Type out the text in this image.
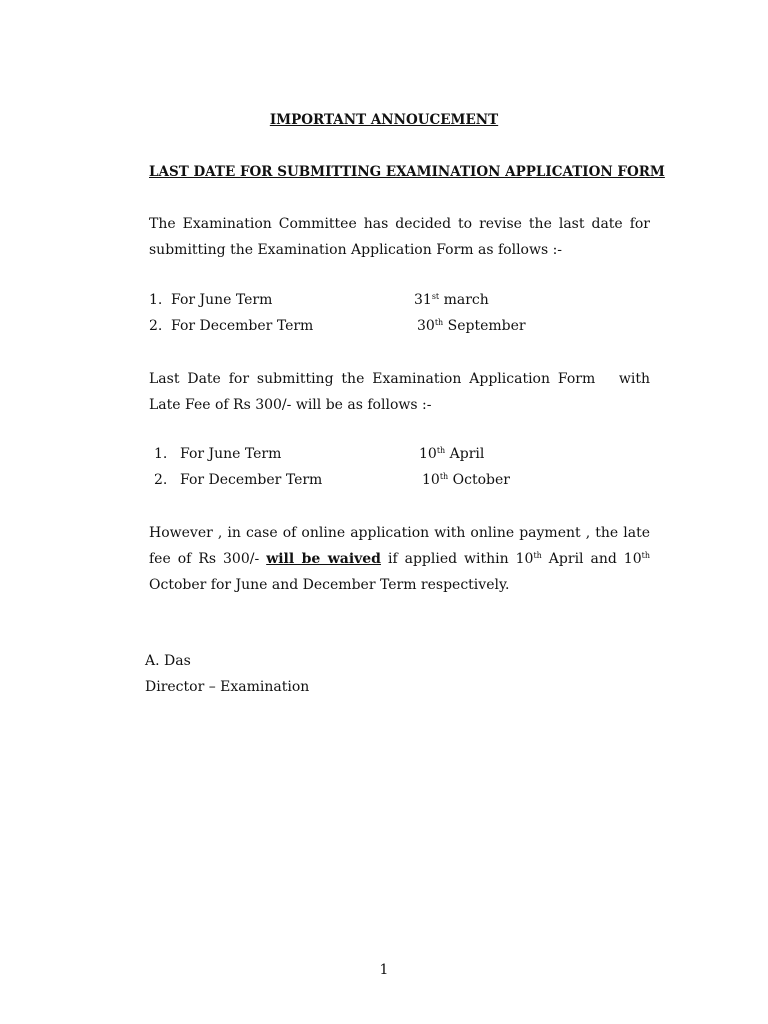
IMPORTANT ANNOUCEMENT
LAST DATE FOR SUBMITTING EXAMINATION APPLICATION FORM
The Examination Committee has decided to revise the last date for submitting the Examination Application Form as follows :-
1. For June Term	31st march
2. For December Term	30th September
Last Date for submitting the Examination Application Form   with Late Fee of Rs 300/- will be as follows :-
1. For June Term	10th April
2. For December Term	10th October
However , in case of online application with online payment , the late fee of Rs 300/- will be waived if applied within 10th April and 10th October for June and December Term respectively.
A. Das
Director – Examination
1
